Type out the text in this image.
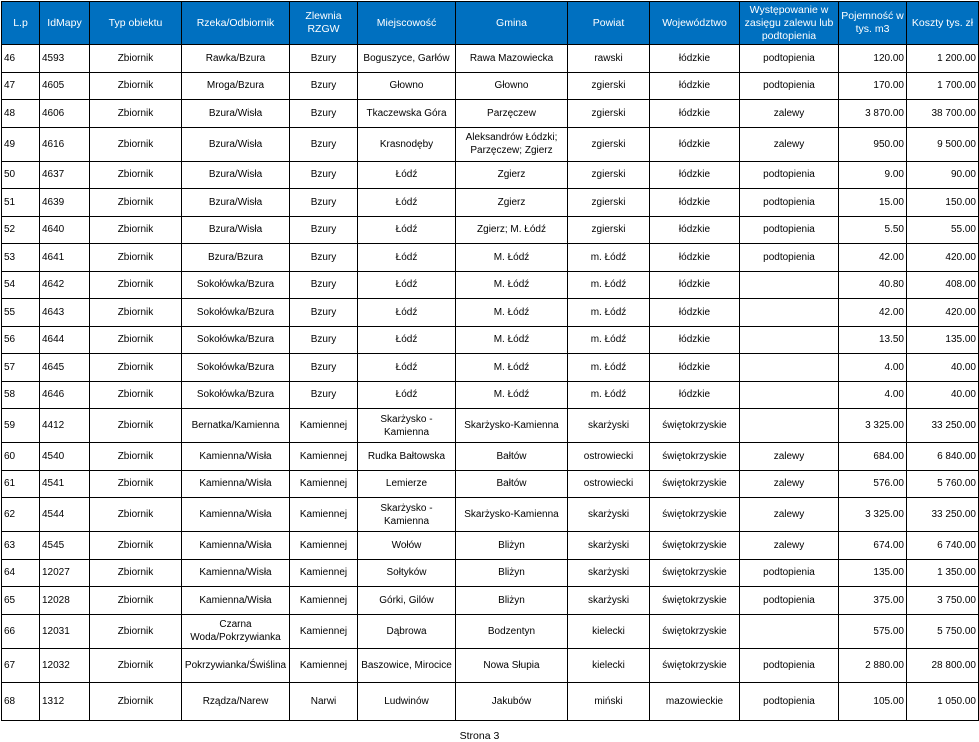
L.p	IdMapy	Typ obiektu	Rzeka/Odbiornik	Zlewnia RZGW	Miejscowość	Gmina	Powiat	Województwo	Występowanie w zasięgu zalewu lub podtopienia	Pojemność w tys. m3	Koszty tys. zł
46	4593	Zbiornik	Rawka/Bzura	Bzury	Boguszyce, Garłów	Rawa Mazowiecka	rawski	łódzkie	podtopienia	120.00	1 200.00
47	4605	Zbiornik	Mroga/Bzura	Bzury	Głowno	Głowno	zgierski	łódzkie	podtopienia	170.00	1 700.00
48	4606	Zbiornik	Bzura/Wisła	Bzury	Tkaczewska Góra	Parzęczew	zgierski	łódzkie	zalewy	3 870.00	38 700.00
49	4616	Zbiornik	Bzura/Wisła	Bzury	Krasnodęby	Aleksandrów Łódzki; Parzęczew; Zgierz	zgierski	łódzkie	zalewy	950.00	9 500.00
50	4637	Zbiornik	Bzura/Wisła	Bzury	Łódź	Zgierz	zgierski	łódzkie	podtopienia	9.00	90.00
51	4639	Zbiornik	Bzura/Wisła	Bzury	Łódź	Zgierz	zgierski	łódzkie	podtopienia	15.00	150.00
52	4640	Zbiornik	Bzura/Wisła	Bzury	Łódź	Zgierz; M. Łódź	zgierski	łódzkie	podtopienia	5.50	55.00
53	4641	Zbiornik	Bzura/Bzura	Bzury	Łódź	M. Łódź	m. Łódź	łódzkie	podtopienia	42.00	420.00
54	4642	Zbiornik	Sokołówka/Bzura	Bzury	Łódź	M. Łódź	m. Łódź	łódzkie		40.80	408.00
55	4643	Zbiornik	Sokołówka/Bzura	Bzury	Łódź	M. Łódź	m. Łódź	łódzkie		42.00	420.00
56	4644	Zbiornik	Sokołówka/Bzura	Bzury	Łódź	M. Łódź	m. Łódź	łódzkie		13.50	135.00
57	4645	Zbiornik	Sokołówka/Bzura	Bzury	Łódź	M. Łódź	m. Łódź	łódzkie		4.00	40.00
58	4646	Zbiornik	Sokołówka/Bzura	Bzury	Łódź	M. Łódź	m. Łódź	łódzkie		4.00	40.00
59	4412	Zbiornik	Bernatka/Kamienna	Kamiennej	Skarżysko - Kamienna	Skarżysko-Kamienna	skarżyski	świętokrzyskie		3 325.00	33 250.00
60	4540	Zbiornik	Kamienna/Wisła	Kamiennej	Rudka Bałtowska	Bałtów	ostrowiecki	świętokrzyskie	zalewy	684.00	6 840.00
61	4541	Zbiornik	Kamienna/Wisła	Kamiennej	Lemierze	Bałtów	ostrowiecki	świętokrzyskie	zalewy	576.00	5 760.00
62	4544	Zbiornik	Kamienna/Wisła	Kamiennej	Skarżysko - Kamienna	Skarżysko-Kamienna	skarżyski	świętokrzyskie	zalewy	3 325.00	33 250.00
63	4545	Zbiornik	Kamienna/Wisła	Kamiennej	Wołów	Bliżyn	skarżyski	świętokrzyskie	zalewy	674.00	6 740.00
64	12027	Zbiornik	Kamienna/Wisła	Kamiennej	Sołtyków	Bliżyn	skarżyski	świętokrzyskie	podtopienia	135.00	1 350.00
65	12028	Zbiornik	Kamienna/Wisła	Kamiennej	Górki, Gilów	Bliżyn	skarżyski	świętokrzyskie	podtopienia	375.00	3 750.00
66	12031	Zbiornik	Czarna Woda/Pokrzywianka	Kamiennej	Dąbrowa	Bodzentyn	kielecki	świętokrzyskie		575.00	5 750.00
67	12032	Zbiornik	Pokrzywianka/Świślina	Kamiennej	Baszowice, Mirocice	Nowa Słupia	kielecki	świętokrzyskie	podtopienia	2 880.00	28 800.00
68	1312	Zbiornik	Rządza/Narew	Narwi	Ludwinów	Jakubów	miński	mazowieckie	podtopienia	105.00	1 050.00
Strona 3
